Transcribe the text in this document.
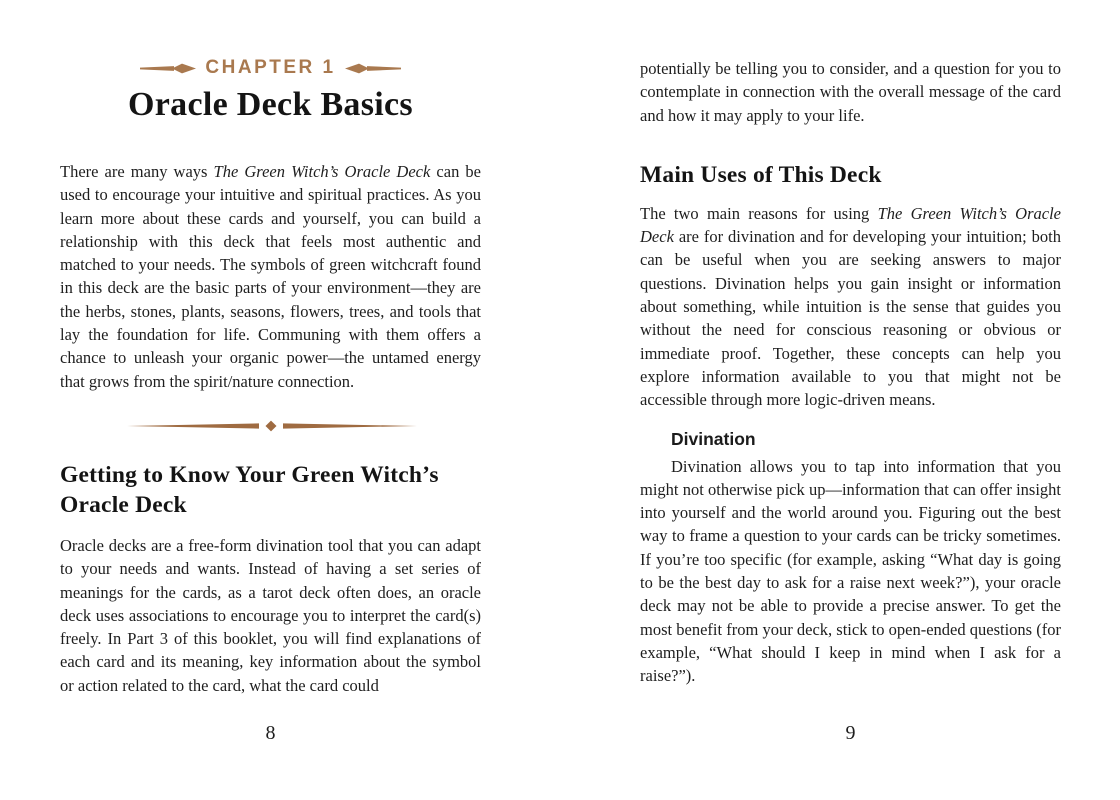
CHAPTER 1
Oracle Deck Basics

There are many ways The Green Witch’s Oracle Deck can be used to encourage your intuitive and spiritual practices. As you learn more about these cards and yourself, you can build a relationship with this deck that feels most authentic and matched to your needs. The symbols of green witchcraft found in this deck are the basic parts of your environment—they are the herbs, stones, plants, seasons, flowers, trees, and tools that lay the foundation for life. Communing with them offers a chance to unleash your organic power—the untamed energy that grows from the spirit/nature connection.

Getting to Know Your Green Witch’s Oracle Deck

Oracle decks are a free-form divination tool that you can adapt to your needs and wants. Instead of having a set series of meanings for the cards, as a tarot deck often does, an oracle deck uses associations to encourage you to interpret the card(s) freely. In Part 3 of this booklet, you will find explanations of each card and its meaning, key information about the symbol or action related to the card, what the card could

8

potentially be telling you to consider, and a question for you to contemplate in connection with the overall message of the card and how it may apply to your life.

Main Uses of This Deck

The two main reasons for using The Green Witch’s Oracle Deck are for divination and for developing your intuition; both can be useful when you are seeking answers to major questions. Divination helps you gain insight or information about something, while intuition is the sense that guides you without the need for conscious reasoning or obvious or immediate proof. Together, these concepts can help you explore information available to you that might not be accessible through more logic-driven means.

Divination

Divination allows you to tap into information that you might not otherwise pick up—information that can offer insight into yourself and the world around you. Figuring out the best way to frame a question to your cards can be tricky sometimes. If you’re too specific (for example, asking “What day is going to be the best day to ask for a raise next week?”), your oracle deck may not be able to provide a precise answer. To get the most benefit from your deck, stick to open-ended questions (for example, “What should I keep in mind when I ask for a raise?”).

9
